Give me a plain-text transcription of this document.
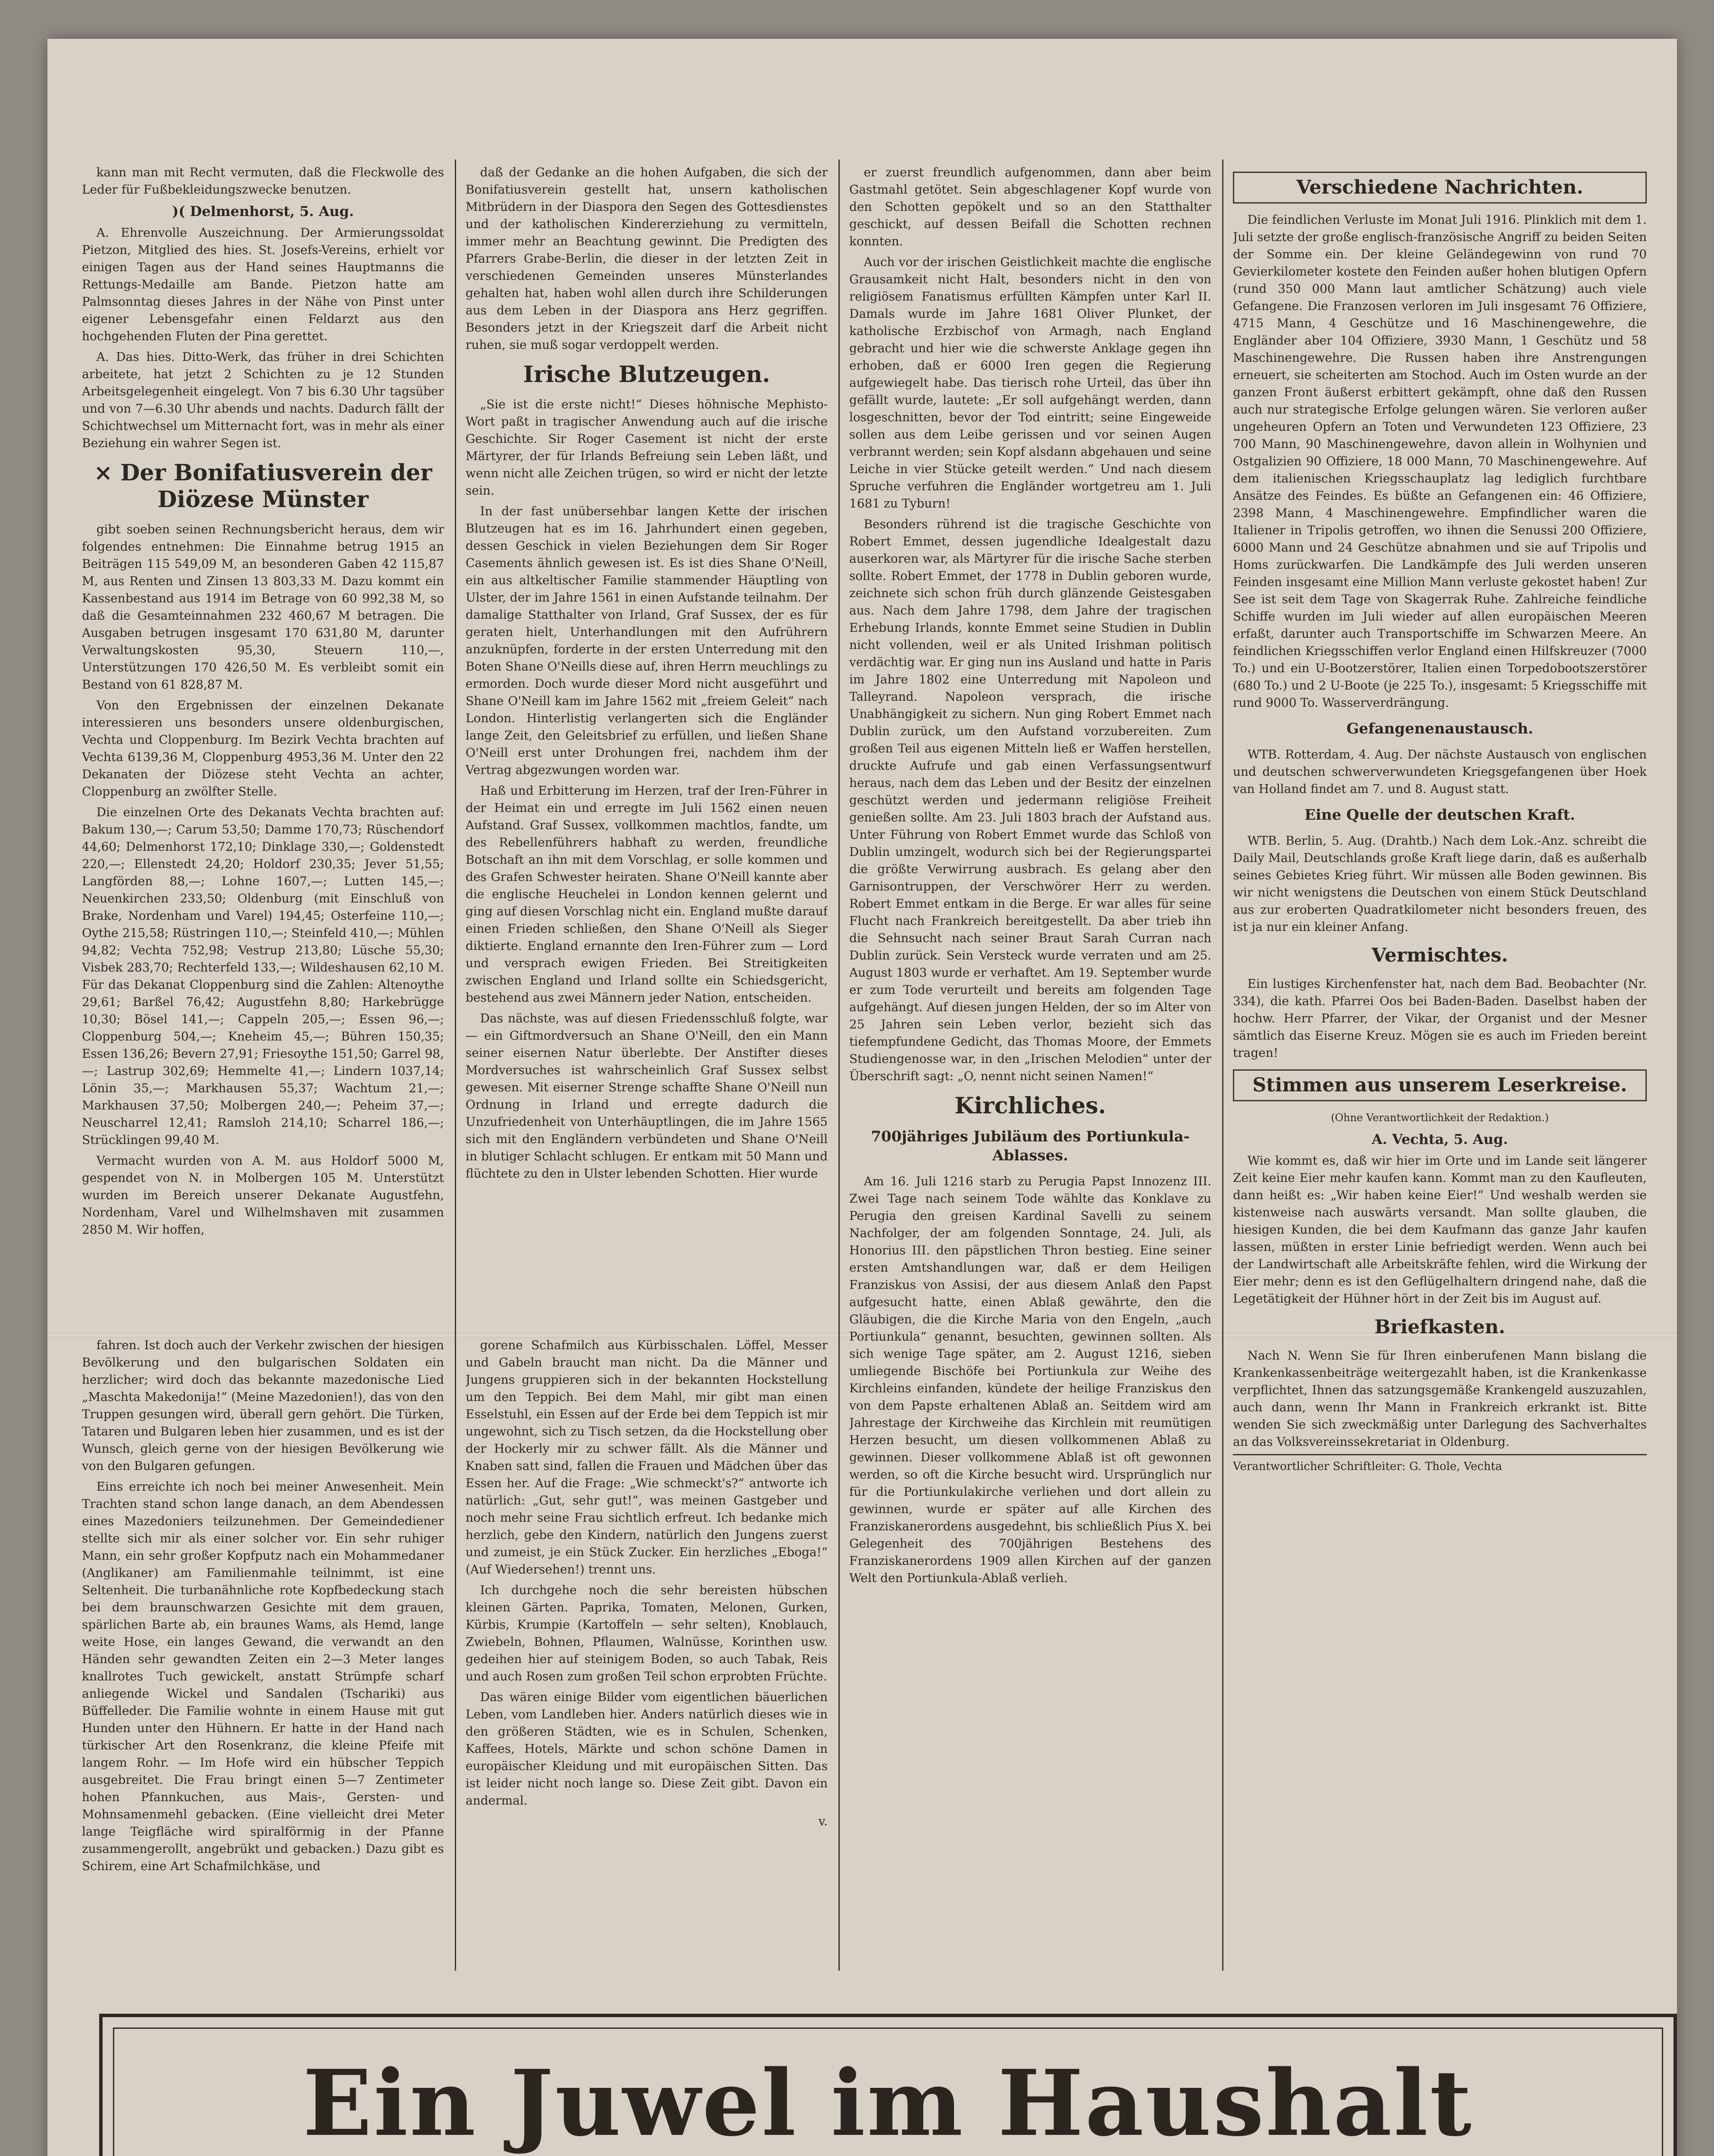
kann man mit Recht vermuten, daß die Fleckwolle des Leder für Fußbekleidungszwecke benutzen.

)( Delmenhorst, 5. Aug.

A. Ehrenvolle Auszeichnung. Der Armierungssoldat Pietzon, Mitglied des hies. St. Josefs-Vereins, erhielt vor einigen Tagen aus der Hand seines Hauptmanns die Rettungs-Medaille am Bande. Pietzon hatte am Palmsonntag dieses Jahres in der Nähe von Pinst unter eigener Lebensgefahr einen Feldarzt aus den hochgehenden Fluten der Pina gerettet.

A. Das hies. Ditto-Werk, das früher in drei Schichten arbeitete, hat jetzt 2 Schichten zu je 12 Stunden Arbeitsgelegenheit eingelegt. Von 7 bis 6.30 Uhr tagsüber und von 7—6.30 Uhr abends und nachts. Dadurch fällt der Schichtwechsel um Mitternacht fort, was in mehr als einer Beziehung ein wahrer Segen ist.

× Der Bonifatiusverein der Diözese Münster

gibt soeben seinen Rechnungsbericht heraus, dem wir folgendes entnehmen: Die Einnahme betrug 1915 an Beiträgen 115 549,09 M, an besonderen Gaben 42 115,87 M, aus Renten und Zinsen 13 803,33 M. Dazu kommt ein Kassenbestand aus 1914 im Betrage von 60 992,38 M, so daß die Gesamteinnahmen 232 460,67 M betragen. Die Ausgaben betrugen insgesamt 170 631,80 M, darunter Verwaltungskosten 95,30, Steuern 110,—, Unterstützungen 170 426,50 M. Es verbleibt somit ein Bestand von 61 828,87 M.

Von den Ergebnissen der einzelnen Dekanate interessieren uns besonders unsere oldenburgischen, Vechta und Cloppenburg. Im Bezirk Vechta brachten auf Vechta 6139,36 M, Cloppenburg 4953,36 M. Unter den 22 Dekanaten der Diözese steht Vechta an achter, Cloppenburg an zwölfter Stelle.

Die einzelnen Orte des Dekanats Vechta brachten auf: Bakum 130,—; Carum 53,50; Damme 170,73; Rüschendorf 44,60; Delmenhorst 172,10; Dinklage 330,—; Goldenstedt 220,—; Ellenstedt 24,20; Holdorf 230,35; Jever 51,55; Langförden 88,—; Lohne 1607,—; Lutten 145,—; Neuenkirchen 233,50; Oldenburg (mit Einschluß von Brake, Nordenham und Varel) 194,45; Osterfeine 110,—; Oythe 215,58; Rüstringen 110,—; Steinfeld 410,—; Mühlen 94,82; Vechta 752,98; Vestrup 213,80; Lüsche 55,30; Visbek 283,70; Rechterfeld 133,—; Wildeshausen 62,10 M. Für das Dekanat Cloppenburg sind die Zahlen: Altenoythe 29,61; Barßel 76,42; Augustfehn 8,80; Harkebrügge 10,30; Bösel 141,—; Cappeln 205,—; Essen 96,—; Cloppenburg 504,—; Kneheim 45,—; Bühren 150,35; Essen 136,26; Bevern 27,91; Friesoythe 151,50; Garrel 98,—; Lastrup 302,69; Hemmelte 41,—; Lindern 1037,14; Lönin 35,—; Markhausen 55,37; Wachtum 21,—; Markhausen 37,50; Molbergen 240,—; Peheim 37,—; Neuscharrel 12,41; Ramsloh 214,10; Scharrel 186,—; Strücklingen 99,40 M.

Vermacht wurden von A. M. aus Holdorf 5000 M, gespendet von N. in Molbergen 105 M. Unterstützt wurden im Bereich unserer Dekanate Augustfehn, Nordenham, Varel und Wilhelmshaven mit zusammen 2850 M. Wir hoffen,

daß der Gedanke an die hohen Aufgaben, die sich der Bonifatiusverein gestellt hat, unsern katholischen Mitbrüdern in der Diaspora den Segen des Gottesdienstes und der katholischen Kindererziehung zu vermitteln, immer mehr an Beachtung gewinnt. Die Predigten des Pfarrers Grabe-Berlin, die dieser in der letzten Zeit in verschiedenen Gemeinden unseres Münsterlandes gehalten hat, haben wohl allen durch ihre Schilderungen aus dem Leben in der Diaspora ans Herz gegriffen. Besonders jetzt in der Kriegszeit darf die Arbeit nicht ruhen, sie muß sogar verdoppelt werden.

Irische Blutzeugen.

„Sie ist die erste nicht!“ Dieses höhnische Mephisto-Wort paßt in tragischer Anwendung auch auf die irische Geschichte. Sir Roger Casement ist nicht der erste Märtyrer, der für Irlands Befreiung sein Leben läßt, und wenn nicht alle Zeichen trügen, so wird er nicht der letzte sein.

In der fast unübersehbar langen Kette der irischen Blutzeugen hat es im 16. Jahrhundert einen gegeben, dessen Geschick in vielen Beziehungen dem Sir Roger Casements ähnlich gewesen ist. Es ist dies Shane O'Neill, ein aus altkeltischer Familie stammender Häuptling von Ulster, der im Jahre 1561 in einen Aufstande teilnahm. Der damalige Statthalter von Irland, Graf Sussex, der es für geraten hielt, Unterhandlungen mit den Aufrührern anzuknüpfen, forderte in der ersten Unterredung mit den Boten Shane O'Neills diese auf, ihren Herrn meuchlings zu ermorden. Doch wurde dieser Mord nicht ausgeführt und Shane O'Neill kam im Jahre 1562 mit „freiem Geleit“ nach London. Hinterlistig verlangerten sich die Engländer lange Zeit, den Geleitsbrief zu erfüllen, und ließen Shane O'Neill erst unter Drohungen frei, nachdem ihm der Vertrag abgezwungen worden war.

Haß und Erbitterung im Herzen, traf der Iren-Führer in der Heimat ein und erregte im Juli 1562 einen neuen Aufstand. Graf Sussex, vollkommen machtlos, fandte, um des Rebellenführers habhaft zu werden, freundliche Botschaft an ihn mit dem Vorschlag, er solle kommen und des Grafen Schwester heiraten. Shane O'Neill kannte aber die englische Heuchelei in London kennen gelernt und ging auf diesen Vorschlag nicht ein. England mußte darauf einen Frieden schließen, den Shane O'Neill als Sieger diktierte. England ernannte den Iren-Führer zum — Lord und versprach ewigen Frieden. Bei Streitigkeiten zwischen England und Irland sollte ein Schiedsgericht, bestehend aus zwei Männern jeder Nation, entscheiden.

Das nächste, was auf diesen Friedensschluß folgte, war — ein Giftmordversuch an Shane O'Neill, den ein Mann seiner eisernen Natur überlebte. Der Anstifter dieses Mordversuches ist wahrscheinlich Graf Sussex selbst gewesen. Mit eiserner Strenge schaffte Shane O'Neill nun Ordnung in Irland und erregte dadurch die Unzufriedenheit von Unterhäuptlingen, die im Jahre 1565 sich mit den Engländern verbündeten und Shane O'Neill in blutiger Schlacht schlugen. Er entkam mit 50 Mann und flüchtete zu den in Ulster lebenden Schotten. Hier wurde

er zuerst freundlich aufgenommen, dann aber beim Gastmahl getötet. Sein abgeschlagener Kopf wurde von den Schotten gepökelt und so an den Statthalter geschickt, auf dessen Beifall die Schotten rechnen konnten.

Auch vor der irischen Geistlichkeit machte die englische Grausamkeit nicht Halt, besonders nicht in den von religiösem Fanatismus erfüllten Kämpfen unter Karl II. Damals wurde im Jahre 1681 Oliver Plunket, der katholische Erzbischof von Armagh, nach England gebracht und hier wie die schwerste Anklage gegen ihn erhoben, daß er 6000 Iren gegen die Regierung aufgewiegelt habe. Das tierisch rohe Urteil, das über ihn gefällt wurde, lautete: „Er soll aufgehängt werden, dann losgeschnitten, bevor der Tod eintritt; seine Eingeweide sollen aus dem Leibe gerissen und vor seinen Augen verbrannt werden; sein Kopf alsdann abgehauen und seine Leiche in vier Stücke geteilt werden.“ Und nach diesem Spruche verfuhren die Engländer wortgetreu am 1. Juli 1681 zu Tyburn!

Besonders rührend ist die tragische Geschichte von Robert Emmet, dessen jugendliche Idealgestalt dazu auserkoren war, als Märtyrer für die irische Sache sterben sollte. Robert Emmet, der 1778 in Dublin geboren wurde, zeichnete sich schon früh durch glänzende Geistesgaben aus. Nach dem Jahre 1798, dem Jahre der tragischen Erhebung Irlands, konnte Emmet seine Studien in Dublin nicht vollenden, weil er als United Irishman politisch verdächtig war. Er ging nun ins Ausland und hatte in Paris im Jahre 1802 eine Unterredung mit Napoleon und Talleyrand. Napoleon versprach, die irische Unabhängigkeit zu sichern. Nun ging Robert Emmet nach Dublin zurück, um den Aufstand vorzubereiten. Zum großen Teil aus eigenen Mitteln ließ er Waffen herstellen, druckte Aufrufe und gab einen Verfassungsentwurf heraus, nach dem das Leben und der Besitz der einzelnen geschützt werden und jedermann religiöse Freiheit genießen sollte. Am 23. Juli 1803 brach der Aufstand aus. Unter Führung von Robert Emmet wurde das Schloß von Dublin umzingelt, wodurch sich bei der Regierungspartei die größte Verwirrung ausbrach. Es gelang aber den Garnisontruppen, der Verschwörer Herr zu werden. Robert Emmet entkam in die Berge. Er war alles für seine Flucht nach Frankreich bereitgestellt. Da aber trieb ihn die Sehnsucht nach seiner Braut Sarah Curran nach Dublin zurück. Sein Versteck wurde verraten und am 25. August 1803 wurde er verhaftet. Am 19. September wurde er zum Tode verurteilt und bereits am folgenden Tage aufgehängt. Auf diesen jungen Helden, der so im Alter von 25 Jahren sein Leben verlor, bezieht sich das tiefempfundene Gedicht, das Thomas Moore, der Emmets Studiengenosse war, in den „Irischen Melodien“ unter der Überschrift sagt: „O, nennt nicht seinen Namen!“

Kirchliches.
700jähriges Jubiläum des Portiunkula-Ablasses.

Am 16. Juli 1216 starb zu Perugia Papst Innozenz III. Zwei Tage nach seinem Tode wählte das Konklave zu Perugia den greisen Kardinal Savelli zu seinem Nachfolger, der am folgenden Sonntage, 24. Juli, als Honorius III. den päpstlichen Thron bestieg. Eine seiner ersten Amtshandlungen war, daß er dem Heiligen Franziskus von Assisi, der aus diesem Anlaß den Papst aufgesucht hatte, einen Ablaß gewährte, den die Gläubigen, die die Kirche Maria von den Engeln, „auch Portiunkula“ genannt, besuchten, gewinnen sollten. Als sich wenige Tage später, am 2. August 1216, sieben umliegende Bischöfe bei Portiunkula zur Weihe des Kirchleins einfanden, kündete der heilige Franziskus den von dem Papste erhaltenen Ablaß an. Seitdem wird am Jahrestage der Kirchweihe das Kirchlein mit reumütigen Herzen besucht, um diesen vollkommenen Ablaß zu gewinnen. Dieser vollkommene Ablaß ist oft gewonnen werden, so oft die Kirche besucht wird. Ursprünglich nur für die Portiunkulakirche verliehen und dort allein zu gewinnen, wurde er später auf alle Kirchen des Franziskanerordens ausgedehnt, bis schließlich Pius X. bei Gelegenheit des 700jährigen Bestehens des Franziskanerordens 1909 allen Kirchen auf der ganzen Welt den Portiunkula-Ablaß verlieh.

Verschiedene Nachrichten.

Die feindlichen Verluste im Monat Juli 1916. Plinklich mit dem 1. Juli setzte der große englisch-französische Angriff zu beiden Seiten der Somme ein. Der kleine Geländegewinn von rund 70 Gevierkilometer kostete den Feinden außer hohen blutigen Opfern (rund 350 000 Mann laut amtlicher Schätzung) auch viele Gefangene. Die Franzosen verloren im Juli insgesamt 76 Offiziere, 4715 Mann, 4 Geschütze und 16 Maschinengewehre, die Engländer aber 104 Offiziere, 3930 Mann, 1 Geschütz und 58 Maschinengewehre. Die Russen haben ihre Anstrengungen erneuert, sie scheiterten am Stochod. Auch im Osten wurde an der ganzen Front äußerst erbittert gekämpft, ohne daß den Russen auch nur strategische Erfolge gelungen wären. Sie verloren außer ungeheuren Opfern an Toten und Verwundeten 123 Offiziere, 23 700 Mann, 90 Maschinengewehre, davon allein in Wolhynien und Ostgalizien 90 Offiziere, 18 000 Mann, 70 Maschinengewehre. Auf dem italienischen Kriegsschauplatz lag lediglich furchtbare Ansätze des Feindes. Es büßte an Gefangenen ein: 46 Offiziere, 2398 Mann, 4 Maschinengewehre. Empfindlicher waren die Italiener in Tripolis getroffen, wo ihnen die Senussi 200 Offiziere, 6000 Mann und 24 Geschütze abnahmen und sie auf Tripolis und Homs zurückwarfen. Die Landkämpfe des Juli werden unseren Feinden insgesamt eine Million Mann verluste gekostet haben! Zur See ist seit dem Tage von Skagerrak Ruhe. Zahlreiche feindliche Schiffe wurden im Juli wieder auf allen europäischen Meeren erfaßt, darunter auch Transportschiffe im Schwarzen Meere. An feindlichen Kriegsschiffen verlor England einen Hilfskreuzer (7000 To.) und ein U-Bootzerstörer, Italien einen Torpedobootszerstörer (680 To.) und 2 U-Boote (je 225 To.), insgesamt: 5 Kriegsschiffe mit rund 9000 To. Wasserverdrängung.

Gefangenenaustausch.

WTB. Rotterdam, 4. Aug. Der nächste Austausch von englischen und deutschen schwerverwundeten Kriegsgefangenen über Hoek van Holland findet am 7. und 8. August statt.

Eine Quelle der deutschen Kraft.

WTB. Berlin, 5. Aug. (Drahtb.) Nach dem Lok.-Anz. schreibt die Daily Mail, Deutschlands große Kraft liege darin, daß es außerhalb seines Gebietes Krieg führt. Wir müssen alle Boden gewinnen. Bis wir nicht wenigstens die Deutschen von einem Stück Deutschland aus zur eroberten Quadratkilometer nicht besonders freuen, des ist ja nur ein kleiner Anfang.

Vermischtes.

Ein lustiges Kirchenfenster hat, nach dem Bad. Beobachter (Nr. 334), die kath. Pfarrei Oos bei Baden-Baden. Daselbst haben der hochw. Herr Pfarrer, der Vikar, der Organist und der Mesner sämtlich das Eiserne Kreuz. Mögen sie es auch im Frieden bereint tragen!

Stimmen aus unserem Leserkreise.
(Ohne Verantwortlichkeit der Redaktion.)

A. Vechta, 5. Aug.

Wie kommt es, daß wir hier im Orte und im Lande seit längerer Zeit keine Eier mehr kaufen kann. Kommt man zu den Kaufleuten, dann heißt es: „Wir haben keine Eier!“ Und weshalb werden sie kistenweise nach auswärts versandt. Man sollte glauben, die hiesigen Kunden, die bei dem Kaufmann das ganze Jahr kaufen lassen, müßten in erster Linie befriedigt werden. Wenn auch bei der Landwirtschaft alle Arbeitskräfte fehlen, wird die Wirkung der Eier mehr; denn es ist den Geflügelhaltern dringend nahe, daß die Legetätigkeit der Hühner hört in der Zeit bis im August auf.

Briefkasten.

Nach N. Wenn Sie für Ihren einberufenen Mann bislang die Krankenkassenbeiträge weitergezahlt haben, ist die Krankenkasse verpflichtet, Ihnen das satzungsgemäße Krankengeld auszuzahlen, auch dann, wenn Ihr Mann in Frankreich erkrankt ist. Bitte wenden Sie sich zweckmäßig unter Darlegung des Sachverhaltes an das Volksvereinssekretariat in Oldenburg.

Verantwortlicher Schriftleiter: G. Thole, Vechta

fahren. Ist doch auch der Verkehr zwischen der hiesigen Bevölkerung und den bulgarischen Soldaten ein herzlicher; wird doch das bekannte mazedonische Lied „Maschta Makedonija!“ (Meine Mazedonien!), das von den Truppen gesungen wird, überall gern gehört. Die Türken, Tataren und Bulgaren leben hier zusammen, und es ist der Wunsch, gleich gerne von der hiesigen Bevölkerung wie von den Bulgaren gefungen.

Eins erreichte ich noch bei meiner Anwesenheit. Mein Trachten stand schon lange danach, an dem Abendessen eines Mazedoniers teilzunehmen. Der Gemeindediener stellte sich mir als einer solcher vor. Ein sehr ruhiger Mann, ein sehr großer Kopfputz nach ein Mohammedaner (Anglikaner) am Familienmahle teilnimmt, ist eine Seltenheit. Die turbanähnliche rote Kopfbedeckung stach bei dem braunschwarzen Gesichte mit dem grauen, spärlichen Barte ab, ein braunes Wams, als Hemd, lange weite Hose, ein langes Gewand, die verwandt an den Händen sehr gewandten Zeiten ein 2—3 Meter langes knallrotes Tuch gewickelt, anstatt Strümpfe scharf anliegende Wickel und Sandalen (Tschariki) aus Büffelleder. Die Familie wohnte in einem Hause mit gut Hunden unter den Hühnern. Er hatte in der Hand nach türkischer Art den Rosenkranz, die kleine Pfeife mit langem Rohr. — Im Hofe wird ein hübscher Teppich ausgebreitet. Die Frau bringt einen 5—7 Zentimeter hohen Pfannkuchen, aus Mais-, Gersten- und Mohnsamenmehl gebacken. (Eine vielleicht drei Meter lange Teigfläche wird spiralförmig in der Pfanne zusammengerollt, angebrükt und gebacken.) Dazu gibt es Schirem, eine Art Schafmilchkäse, und

gorene Schafmilch aus Kürbisschalen. Löffel, Messer und Gabeln braucht man nicht. Da die Männer und Jungens gruppieren sich in der bekannten Hockstellung um den Teppich. Bei dem Mahl, mir gibt man einen Esselstuhl, ein Essen auf der Erde bei dem Teppich ist mir ungewohnt, sich zu Tisch setzen, da die Hockstellung ober der Hockerly mir zu schwer fällt. Als die Männer und Knaben satt sind, fallen die Frauen und Mädchen über das Essen her. Auf die Frage: „Wie schmeckt's?“ antworte ich natürlich: „Gut, sehr gut!“, was meinen Gastgeber und noch mehr seine Frau sichtlich erfreut. Ich bedanke mich herzlich, gebe den Kindern, natürlich den Jungens zuerst und zumeist, je ein Stück Zucker. Ein herzliches „Eboga!“ (Auf Wiedersehen!) trennt uns.

Ich durchgehe noch die sehr bereisten hübschen kleinen Gärten. Paprika, Tomaten, Melonen, Gurken, Kürbis, Krumpie (Kartoffeln — sehr selten), Knoblauch, Zwiebeln, Bohnen, Pflaumen, Walnüsse, Korinthen usw. gedeihen hier auf steinigem Boden, so auch Tabak, Reis und auch Rosen zum großen Teil schon erprobten Früchte.

Das wären einige Bilder vom eigentlichen bäuerlichen Leben, vom Landleben hier. Anders natürlich dieses wie in den größeren Städten, wie es in Schulen, Schenken, Kaffees, Hotels, Märkte und schon schöne Damen in europäischer Kleidung und mit europäischen Sitten. Das ist leider nicht noch lange so. Diese Zeit gibt. Davon ein andermal.

v.

Ein Juwel im Haushalt
